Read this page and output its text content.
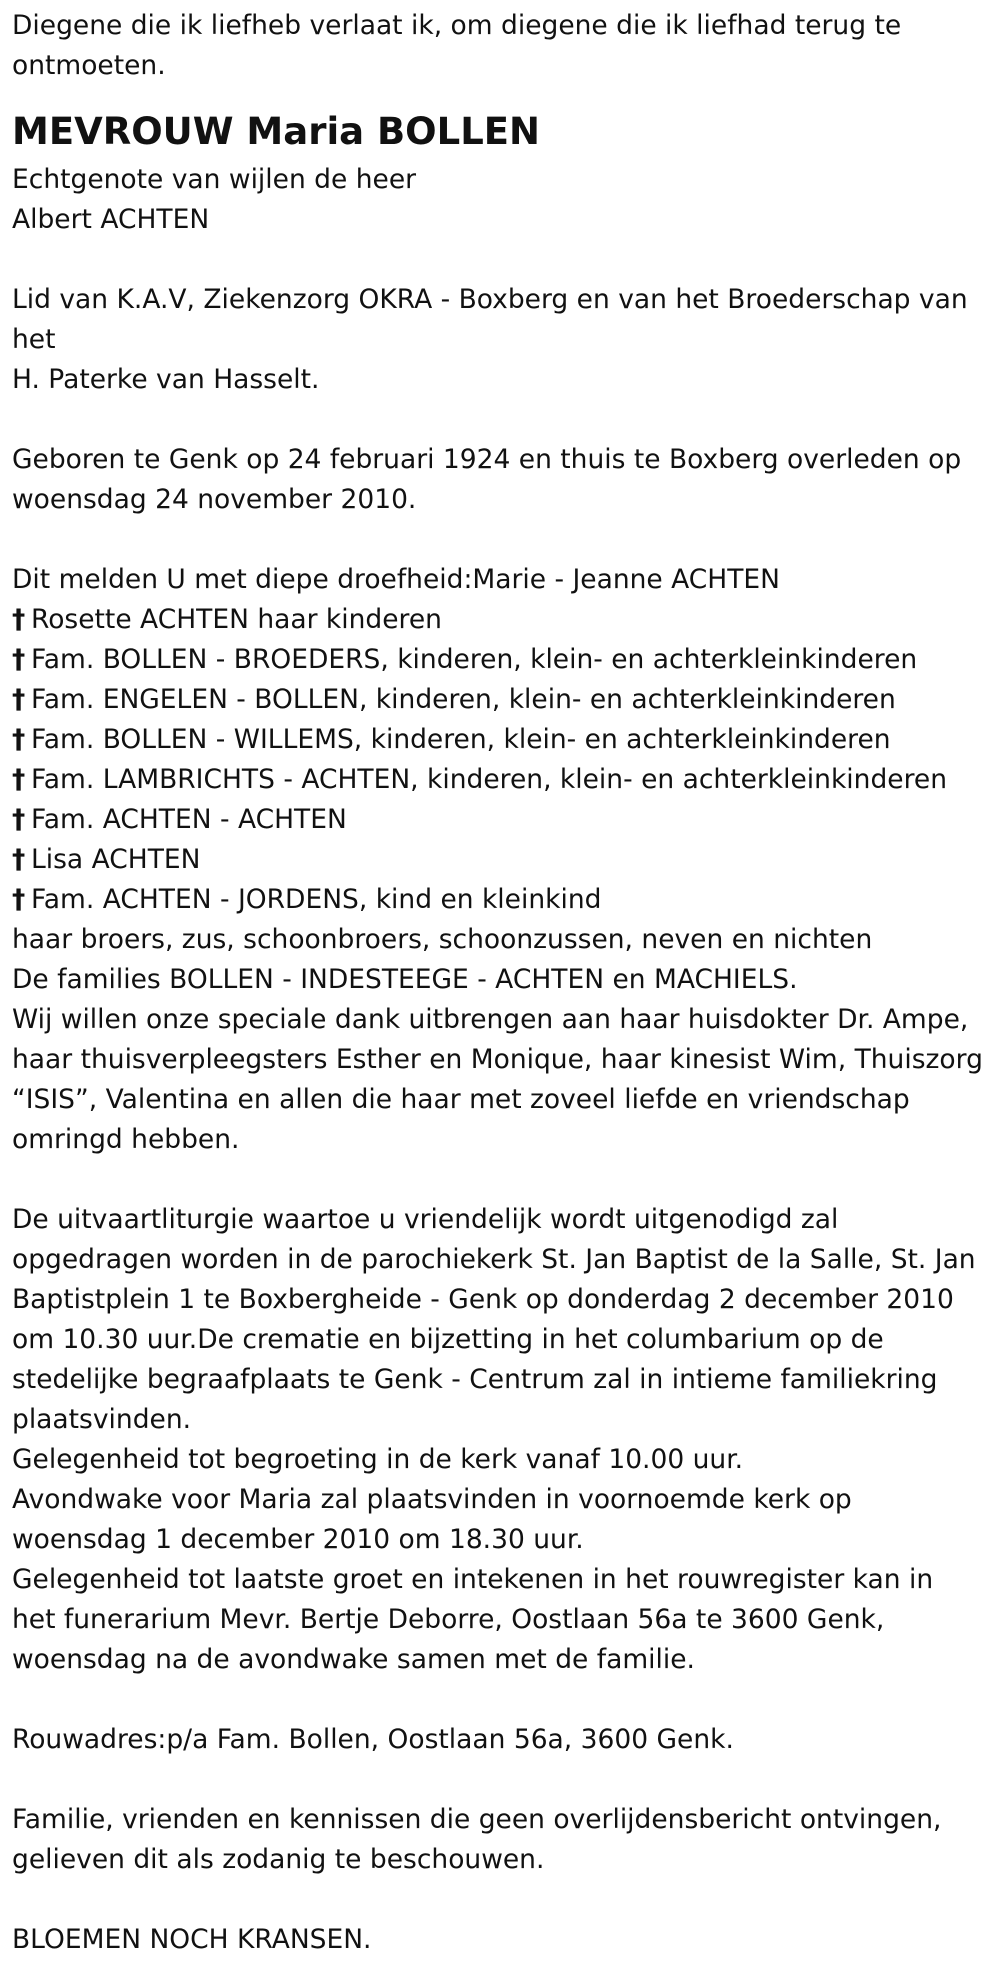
Diegene die ik liefheb verlaat ik, om diegene die ik liefhad terug te
ontmoeten.
MEVROUW Maria BOLLEN
Echtgenote van wijlen de heer
Albert ACHTEN
Lid van K.A.V, Ziekenzorg OKRA - Boxberg en van het Broederschap van
het
H. Paterke van Hasselt.
Geboren te Genk op 24 februari 1924 en thuis te Boxberg overleden op
woensdag 24 november 2010.
Dit melden U met diepe droefheid:Marie - Jeanne ACHTEN
† Rosette ACHTEN haar kinderen
† Fam. BOLLEN - BROEDERS, kinderen, klein- en achterkleinkinderen
† Fam. ENGELEN - BOLLEN, kinderen, klein- en achterkleinkinderen
† Fam. BOLLEN - WILLEMS, kinderen, klein- en achterkleinkinderen
† Fam. LAMBRICHTS - ACHTEN, kinderen, klein- en achterkleinkinderen
† Fam. ACHTEN - ACHTEN
† Lisa ACHTEN
† Fam. ACHTEN - JORDENS, kind en kleinkind
haar broers, zus, schoonbroers, schoonzussen, neven en nichten
De families BOLLEN - INDESTEEGE - ACHTEN en MACHIELS.
Wij willen onze speciale dank uitbrengen aan haar huisdokter Dr. Ampe,
haar thuisverpleegsters Esther en Monique, haar kinesist Wim, Thuiszorg
“ISIS”, Valentina en allen die haar met zoveel liefde en vriendschap
omringd hebben.
De uitvaartliturgie waartoe u vriendelijk wordt uitgenodigd zal
opgedragen worden in de parochiekerk St. Jan Baptist de la Salle, St. Jan
Baptistplein 1 te Boxbergheide - Genk op donderdag 2 december 2010
om 10.30 uur.De crematie en bijzetting in het columbarium op de
stedelijke begraafplaats te Genk - Centrum zal in intieme familiekring
plaatsvinden.
Gelegenheid tot begroeting in de kerk vanaf 10.00 uur.
Avondwake voor Maria zal plaatsvinden in voornoemde kerk op
woensdag 1 december 2010 om 18.30 uur.
Gelegenheid tot laatste groet en intekenen in het rouwregister kan in
het funerarium Mevr. Bertje Deborre, Oostlaan 56a te 3600 Genk,
woensdag na de avondwake samen met de familie.
Rouwadres:p/a Fam. Bollen, Oostlaan 56a, 3600 Genk.
Familie, vrienden en kennissen die geen overlijdensbericht ontvingen,
gelieven dit als zodanig te beschouwen.
BLOEMEN NOCH KRANSEN.
